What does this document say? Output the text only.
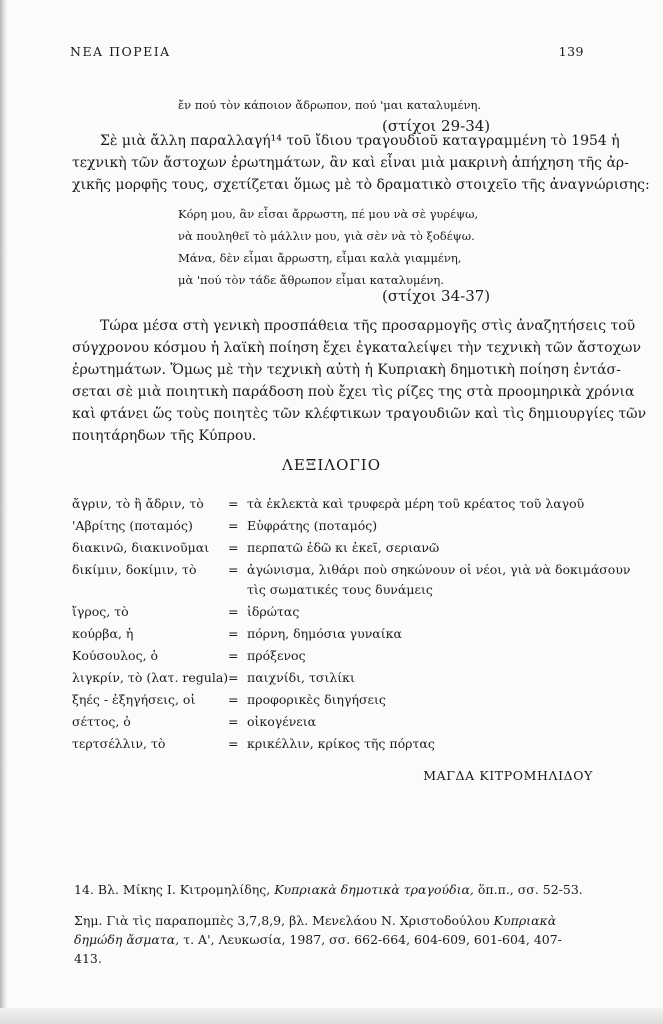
ΝΕΑ ΠΟΡΕΙΑ	139
ἔν πού τὸν κάποιον ἄδρωπον, πού 'μαι καταλυμένη.
(στίχοι 29-34)
Σὲ μιὰ ἄλλη παραλλαγή¹⁴ τοῦ ἴδιου τραγουδιοῦ καταγραμμένη τὸ 1954 ἡ
τεχνικὴ τῶν ἄστοχων ἐρωτημάτων, ἂν καὶ εἶναι μιὰ μακρινὴ ἀπήχηση τῆς ἀρ-
χικῆς μορφῆς τους, σχετίζεται ὅμως μὲ τὸ δραματικὸ στοιχεῖο τῆς ἀναγνώρισης:
Κόρη μου, ἂν εἶσαι ἄρρωστη, πέ μου νὰ σὲ γυρέψω,
νὰ πουληθεῖ τὸ μάλλιν μου, γιὰ σὲν νὰ τὸ ξοδέψω.
Μάνα, δὲν εἶμαι ἄρρωστη, εἶμαι καλὰ γιαμμένη,
μὰ 'πού τὸν τάδε ἄθρωπον εἶμαι καταλυμένη.
(στίχοι 34-37)
Τώρα μέσα στὴ γενικὴ προσπάθεια τῆς προσαρμογῆς στὶς ἀναζητήσεις τοῦ
σύγχρονου κόσμου ἡ λαϊκὴ ποίηση ἔχει ἐγκαταλείψει τὴν τεχνικὴ τῶν ἄστοχων
ἐρωτημάτων. Ὅμως μὲ τὴν τεχνικὴ αὐτὴ ἡ Κυπριακὴ δημοτικὴ ποίηση ἐντάσ-
σεται σὲ μιὰ ποιητικὴ παράδοση ποὺ ἔχει τὶς ρίζες της στὰ προομηρικὰ χρόνια
καὶ φτάνει ὥς τοὺς ποιητὲς τῶν κλέφτικων τραγουδιῶν καὶ τὶς δημιουργίες τῶν
ποιητάρηδων τῆς Κύπρου.
ΛΕΞΙΛΟΓΙΟ
ἄγριν, τὸ ἢ ἄδριν, τὸ = τὰ ἐκλεκτὰ καὶ τρυφερὰ μέρη τοῦ κρέατος τοῦ λαγοῦ
'Αβρίτης (ποταμός)	= Εὐφράτης (ποταμός)
διακινῶ, διακινοῦμαι = περπατῶ ἐδῶ κι ἐκεῖ, σεριανῶ
δικίμιν, δοκίμιν, τὸ	= ἀγώνισμα, λιθάρι ποὺ σηκώνουν οἱ νέοι, γιὰ νὰ δοκιμάσουν
τὶς σωματικές τους δυνάμεις
ἴγρος, τὸ	= ἱδρώτας
κούρβα, ἡ	= πόρνη, δημόσια γυναίκα
Κούσουλος, ὁ	= πρόξενος
λιγκρίν, τὸ (λατ. regula) = παιχνίδι, τσιλίκι
ξηές - ἐξηγήσεις, οἱ	= προφορικὲς διηγήσεις
σέττος, ὁ	= οἰκογένεια
τερτσέλλιν, τὸ	= κρικέλλιν, κρίκος τῆς πόρτας
ΜΑΓΔΑ ΚΙΤΡΟΜΗΛΙΔΟΥ
14. Βλ. Μίκης Ι. Κιτρομηλίδης, Κυπριακὰ δημοτικὰ τραγούδια, ὅπ.π., σσ. 52-53.
Σημ. Γιὰ τὶς παραπομπὲς 3,7,8,9, βλ. Μενελάου Ν. Χριστοδούλου Κυπριακὰ δημώδη ἄσματα, τ. Α', Λευκωσία, 1987, σσ. 662-664, 604-609, 601-604, 407-413.
